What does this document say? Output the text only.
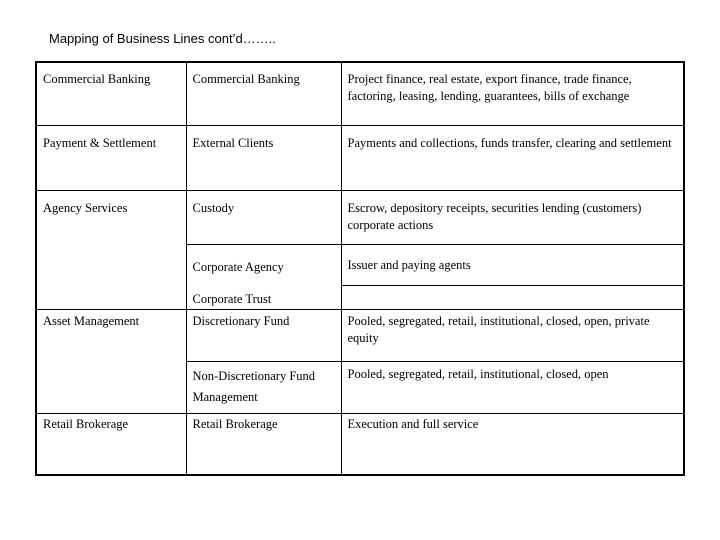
Mapping of Business Lines cont’d……..
Commercial Banking	Commercial Banking	Project finance, real estate, export finance, trade finance, factoring, leasing, lending, guarantees, bills of exchange
Payment & Settlement	External Clients	Payments and collections, funds transfer, clearing and settlement
Agency Services	Custody	Escrow, depository receipts, securities lending (customers) corporate actions
	Corporate Agency	Issuer and paying agents
	Corporate Trust	
Asset Management	Discretionary Fund	Pooled, segregated, retail, institutional, closed, open, private equity
	Non-Discretionary Fund Management	Pooled, segregated, retail, institutional, closed, open
Retail Brokerage	Retail Brokerage	Execution and full service
